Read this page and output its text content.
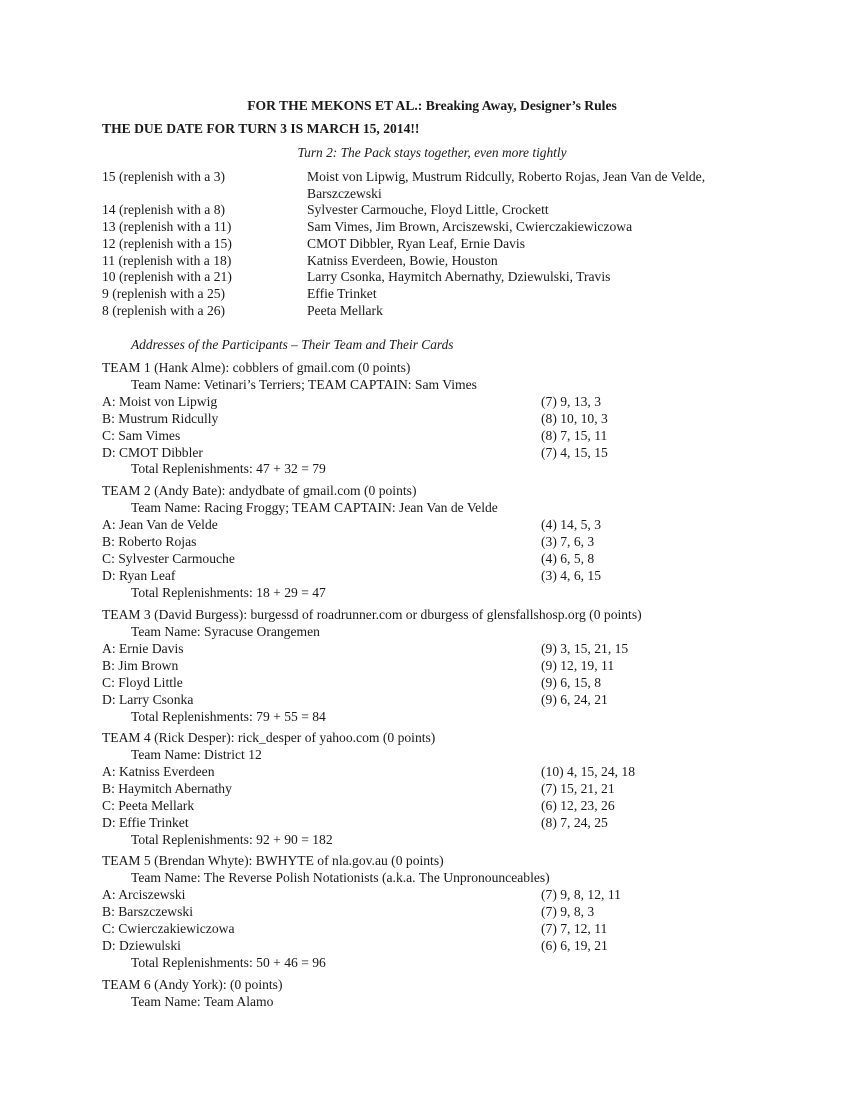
FOR THE MEKONS ET AL.: Breaking Away, Designer’s Rules
THE DUE DATE FOR TURN 3 IS MARCH 15, 2014!!
Turn 2: The Pack stays together, even more tightly
15 (replenish with a 3)	Moist von Lipwig, Mustrum Ridcully, Roberto Rojas, Jean Van de Velde, Barszczewski
14 (replenish with a 8)	Sylvester Carmouche, Floyd Little, Crockett
13 (replenish with a 11)	Sam Vimes, Jim Brown, Arciszewski, Cwierczakiewiczowa
12 (replenish with a 15)	CMOT Dibbler, Ryan Leaf, Ernie Davis
11 (replenish with a 18)	Katniss Everdeen, Bowie, Houston
10 (replenish with a 21)	Larry Csonka, Haymitch Abernathy, Dziewulski, Travis
9 (replenish with a 25)	Effie Trinket
8 (replenish with a 26)	Peeta Mellark
Addresses of the Participants – Their Team and Their Cards
TEAM 1 (Hank Alme): cobblers of gmail.com (0 points)
Team Name: Vetinari’s Terriers; TEAM CAPTAIN: Sam Vimes
A: Moist von Lipwig	(7) 9, 13, 3
B: Mustrum Ridcully	(8) 10, 10, 3
C: Sam Vimes	(8) 7, 15, 11
D: CMOT Dibbler	(7) 4, 15, 15
Total Replenishments: 47 + 32 = 79
TEAM 2 (Andy Bate): andydbate of gmail.com (0 points)
Team Name: Racing Froggy; TEAM CAPTAIN: Jean Van de Velde
A: Jean Van de Velde	(4) 14, 5, 3
B: Roberto Rojas	(3) 7, 6, 3
C: Sylvester Carmouche	(4) 6, 5, 8
D: Ryan Leaf	(3) 4, 6, 15
Total Replenishments: 18 + 29 = 47
TEAM 3 (David Burgess): burgessd of roadrunner.com or dburgess of glensfallshosp.org (0 points)
Team Name: Syracuse Orangemen
A: Ernie Davis	(9) 3, 15, 21, 15
B: Jim Brown	(9) 12, 19, 11
C: Floyd Little	(9) 6, 15, 8
D: Larry Csonka	(9) 6, 24, 21
Total Replenishments: 79 + 55 = 84
TEAM 4 (Rick Desper): rick_desper of yahoo.com (0 points)
Team Name: District 12
A: Katniss Everdeen	(10) 4, 15, 24, 18
B: Haymitch Abernathy	(7) 15, 21, 21
C: Peeta Mellark	(6) 12, 23, 26
D: Effie Trinket	(8) 7, 24, 25
Total Replenishments: 92 + 90 = 182
TEAM 5 (Brendan Whyte): BWHYTE of nla.gov.au (0 points)
Team Name: The Reverse Polish Notationists (a.k.a. The Unpronounceables)
A: Arciszewski	(7) 9, 8, 12, 11
B: Barszczewski	(7) 9, 8, 3
C: Cwierczakiewiczowa	(7) 7, 12, 11
D: Dziewulski	(6) 6, 19, 21
Total Replenishments: 50 + 46 = 96
TEAM 6 (Andy York): (0 points)
Team Name: Team Alamo
